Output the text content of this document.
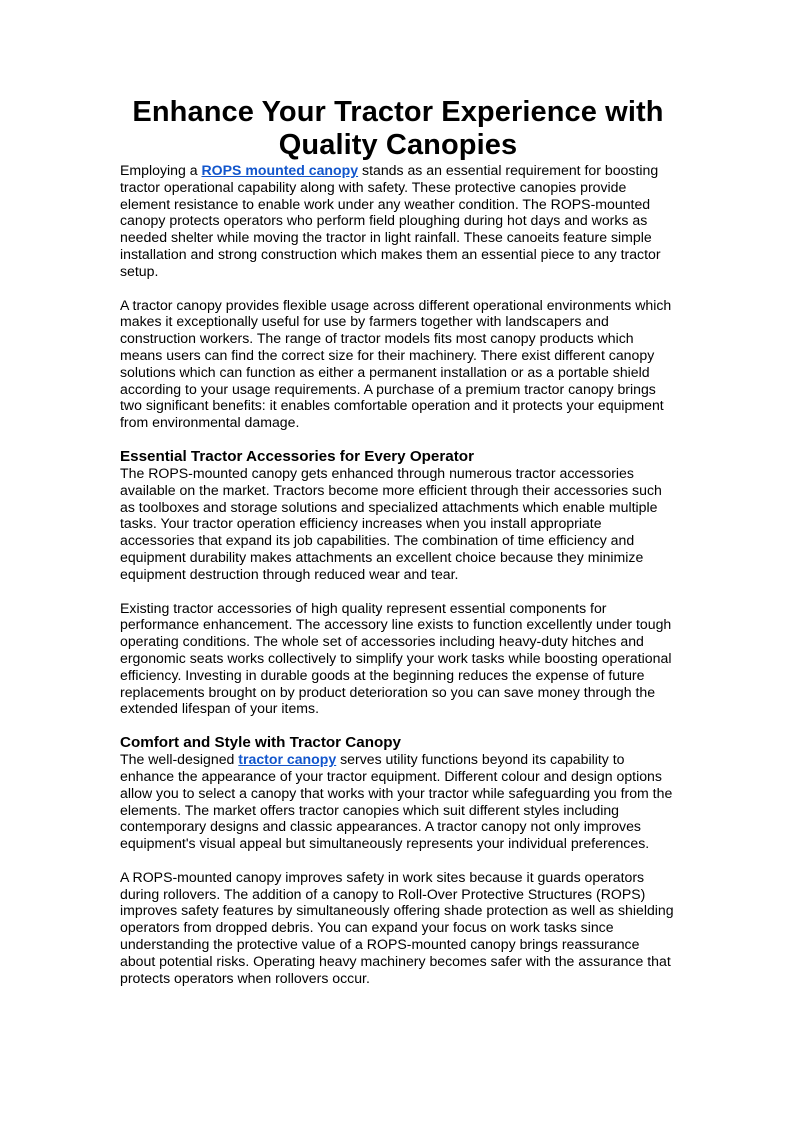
Enhance Your Tractor Experience with Quality Canopies

Employing a ROPS mounted canopy stands as an essential requirement for boosting tractor operational capability along with safety. These protective canopies provide element resistance to enable work under any weather condition. The ROPS-mounted canopy protects operators who perform field ploughing during hot days and works as needed shelter while moving the tractor in light rainfall. These canoeits feature simple installation and strong construction which makes them an essential piece to any tractor setup.

A tractor canopy provides flexible usage across different operational environments which makes it exceptionally useful for use by farmers together with landscapers and construction workers. The range of tractor models fits most canopy products which means users can find the correct size for their machinery. There exist different canopy solutions which can function as either a permanent installation or as a portable shield according to your usage requirements. A purchase of a premium tractor canopy brings two significant benefits: it enables comfortable operation and it protects your equipment from environmental damage.

Essential Tractor Accessories for Every Operator

The ROPS-mounted canopy gets enhanced through numerous tractor accessories available on the market. Tractors become more efficient through their accessories such as toolboxes and storage solutions and specialized attachments which enable multiple tasks. Your tractor operation efficiency increases when you install appropriate accessories that expand its job capabilities. The combination of time efficiency and equipment durability makes attachments an excellent choice because they minimize equipment destruction through reduced wear and tear.

Existing tractor accessories of high quality represent essential components for performance enhancement. The accessory line exists to function excellently under tough operating conditions. The whole set of accessories including heavy-duty hitches and ergonomic seats works collectively to simplify your work tasks while boosting operational efficiency. Investing in durable goods at the beginning reduces the expense of future replacements brought on by product deterioration so you can save money through the extended lifespan of your items.

Comfort and Style with Tractor Canopy

The well-designed tractor canopy serves utility functions beyond its capability to enhance the appearance of your tractor equipment. Different colour and design options allow you to select a canopy that works with your tractor while safeguarding you from the elements. The market offers tractor canopies which suit different styles including contemporary designs and classic appearances. A tractor canopy not only improves equipment's visual appeal but simultaneously represents your individual preferences.

A ROPS-mounted canopy improves safety in work sites because it guards operators during rollovers. The addition of a canopy to Roll-Over Protective Structures (ROPS) improves safety features by simultaneously offering shade protection as well as shielding operators from dropped debris. You can expand your focus on work tasks since understanding the protective value of a ROPS-mounted canopy brings reassurance about potential risks. Operating heavy machinery becomes safer with the assurance that protects operators when rollovers occur.
